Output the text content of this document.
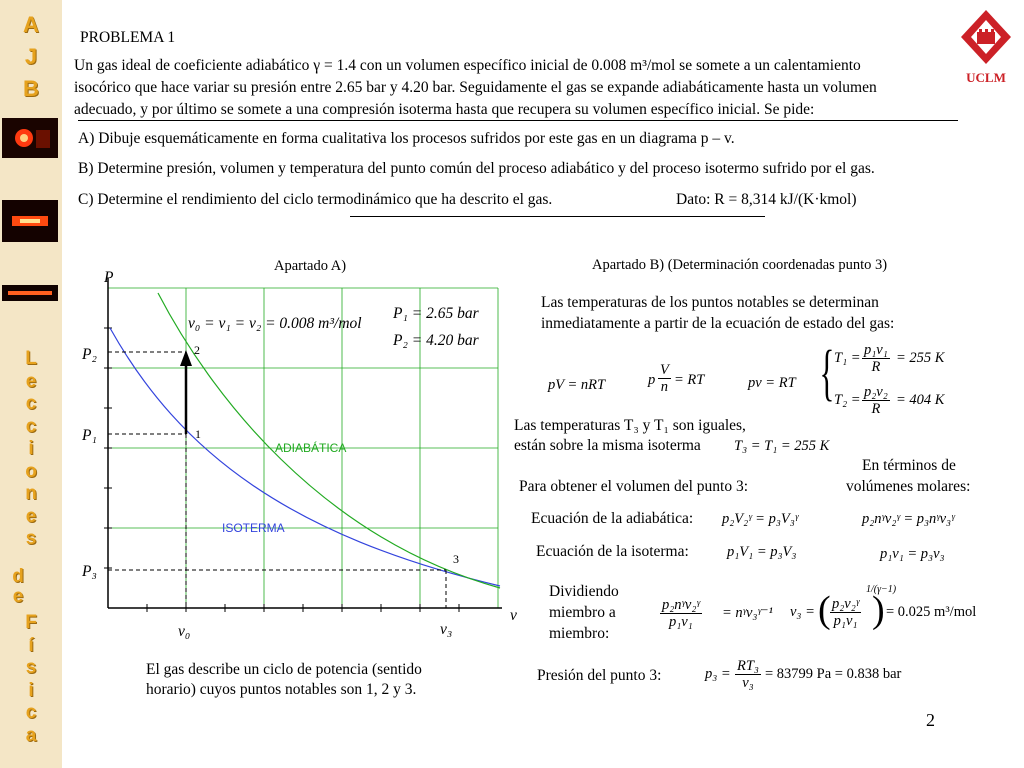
A
J
B
L
e
c
c
i
o
n
e
s
d
e
F
í
s
i
c
a
UCLM
PROBLEMA 1
Un gas ideal de coeficiente adiabático γ = 1.4 con un volumen específico inicial de 0.008 m³/mol se somete a un calentamiento
isocórico que hace variar su presión entre 2.65 bar y 4.20 bar. Seguidamente el gas se expande adiabáticamente hasta un volumen
adecuado, y por último se somete a una compresión isoterma hasta que recupera su volumen específico inicial. Se pide:
A) Dibuje esquemáticamente en forma cualitativa los procesos sufridos por este gas en un diagrama p – v.
B) Determine presión, volumen y temperatura del punto común del proceso adiabático y del proceso isotermo sufrido por el gas.
C) Determine el rendimiento del ciclo termodinámico que ha descrito el gas.	Dato: R = 8,314 kJ/(K·kmol)
Apartado A)
P
v
P₂
P₁
P₃
v₀	v₃
2
1
3
v₀ = v₁ = v₂ = 0.008 m³/mol
P₁ = 2.65 bar
P₂ = 4.20 bar
ADIABÁTICA
ISOTERMA
El gas describe un ciclo de potencia (sentido
horario) cuyos puntos notables son 1, 2 y 3.
Apartado B) (Determinación coordenadas punto 3)
Las temperaturas de los puntos notables se determinan
inmediatamente a partir de la ecuación de estado del gas:
pV = nRT	p $\frac{V}{n}$ = RT	pv = RT { $T_1 = \frac{\text{p₁v₁}}{R} = 255$ K
$T_2 = \frac{\text{p₂v₂}}{R} = 404$ K
Las temperaturas T₃ y T₁ son iguales,
están sobre la misma isoterma T₃ = T₁ = 255 K
En términos de
volúmenes molares:
Para obtener el volumen del punto 3:
Ecuación de la adiabática: p₂V₂ᵞ = p₃V₃ᵞ	p₂nᵞv₂ᵞ = p₃nᵞv₃ᵞ
Ecuación de la isoterma:	p₁V₁ = p₃V₃	p₁v₁ = p₃v₃
Dividiendo
miembro a
miembro:
p₂nᵞv₂ᵞ
p₁v₁
= nᵞv₃ᵞ⁻¹ v₃ = ( $\frac{\text{p₂v₂ᵞ}}{\text{p₁v₁}}$ )
1/(γ−1)
= 0.025 m³/mol
Presión del punto 3:	$p_3 = \frac{\text{RT₃}}{\text{v₃}} = 83799$ Pa = 0.838 bar
2
